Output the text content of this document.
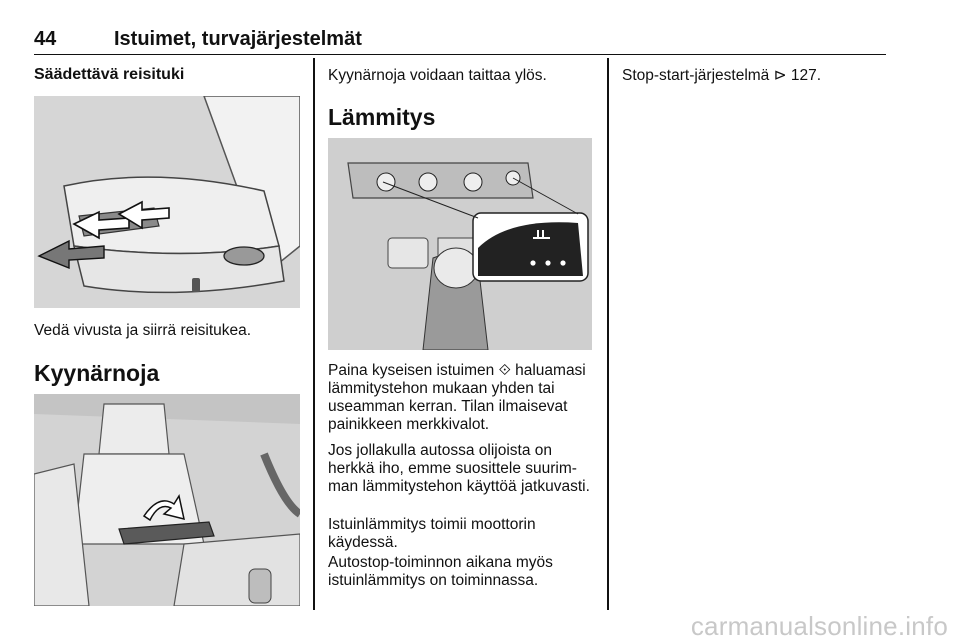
44	Istuimet, turvajärjestelmät
Säädettävä reisituki

Vedä vivusta ja siirrä reisitukea.

Kyynärnoja

Kyynärnoja voidaan taittaa ylös.

Lämmitys

Paina kyseisen istuimen ⟐ haluamasi lämmitystehon mukaan yhden tai useamman kerran. Tilan ilmaisevat painikkeen merkkivalot.

Jos jollakulla autossa olijoista on herkkä iho, emme suosittele suurimman lämmitystehon käyttöä jatkuvasti.

Istuinlämmitys toimii moottorin käydessä.

Autostop-toiminnon aikana myös istuinlämmitys on toiminnassa.

Stop-start-järjestelmä ⊳ 127.

carmanualsonline.info
